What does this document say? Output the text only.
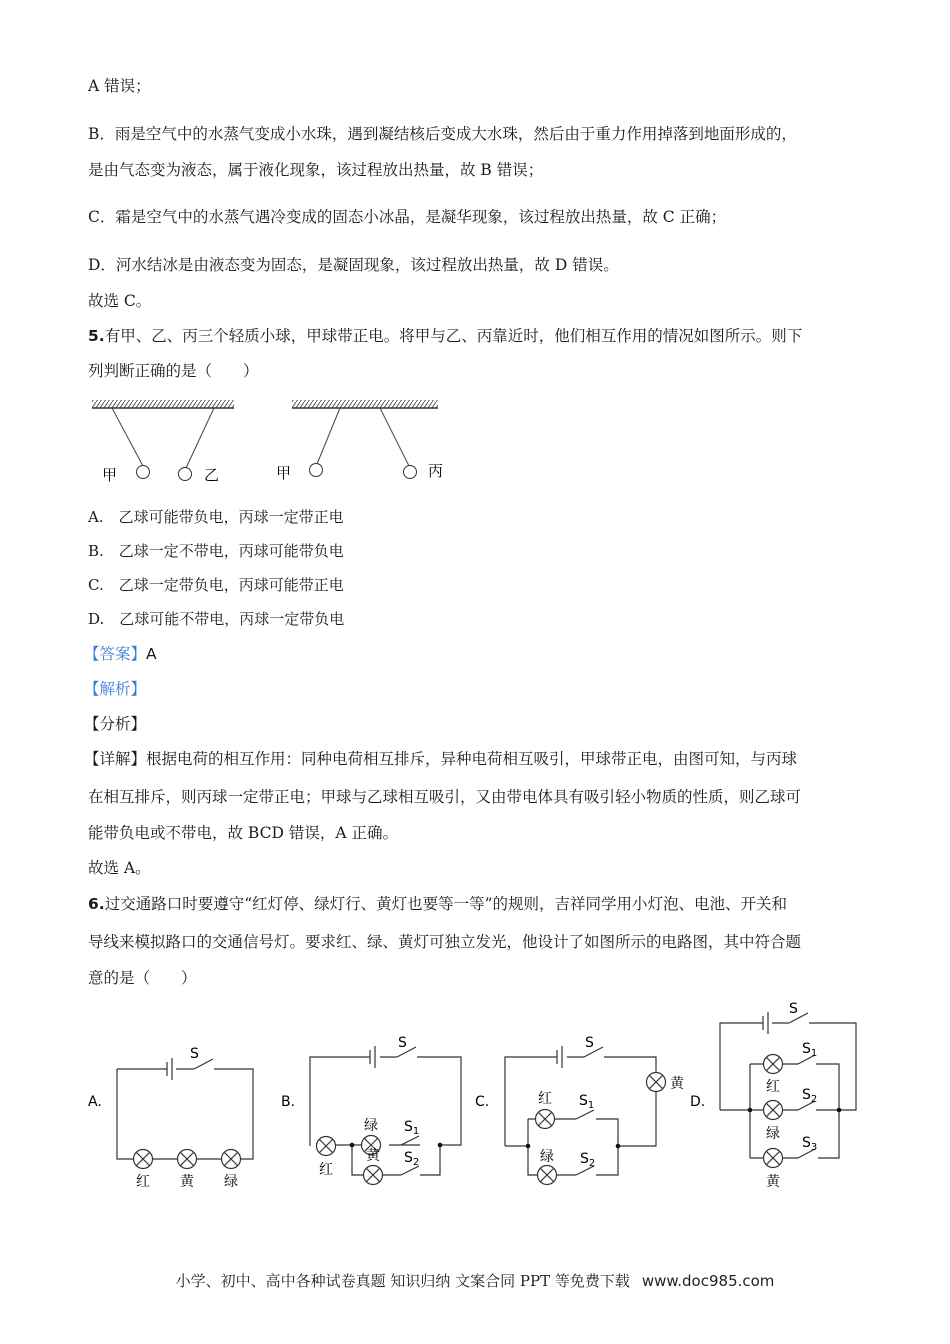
A 错误；
B．雨是空气中的水蒸气变成小水珠，遇到凝结核后变成大水珠，然后由于重力作用掉落到地面形成的，
是由气态变为液态，属于液化现象，该过程放出热量，故 B 错误；
C．霜是空气中的水蒸气遇冷变成的固态小冰晶，是凝华现象，该过程放出热量，故 C 正确；
D．河水结冰是由液态变为固态，是凝固现象，该过程放出热量，故 D 错误。
故选 C。
5.有甲、乙、丙三个轻质小球，甲球带正电。将甲与乙、丙靠近时，他们相互作用的情况如图所示。则下
列判断正确的是（　　）
甲	乙	甲	丙
A.　乙球可能带负电，丙球一定带正电
B.　乙球一定不带电，丙球可能带负电
C.　乙球一定带负电，丙球可能带正电
D.　乙球可能不带电，丙球一定带负电
【答案】A
【解析】
【分析】
【详解】根据电荷的相互作用：同种电荷相互排斥，异种电荷相互吸引，甲球带正电，由图可知，与丙球
在相互排斥，则丙球一定带正电；甲球与乙球相互吸引，又由带电体具有吸引轻小物质的性质，则乙球可
能带负电或不带电，故 BCD 错误，A 正确。
故选 A。
6.过交通路口时要遵守“红灯停、绿灯行、黄灯也要等一等”的规则，吉祥同学用小灯泡、电池、开关和
导线来模拟路口的交通信号灯。要求红、绿、黄灯可独立发光，他设计了如图所示的电路图，其中符合题
意的是（　　）
A.	B.	C.	D.
S
红 黄 绿
S
绿 $S_1$
黄 $S_2$
红
S
红 $S_1$
黄
绿 $S_2$
S
$S_1$
红 $S_2$
绿
$S_3$
黄
小学、初中、高中各种试卷真题 知识归纳 文案合同 PPT 等免费下载 www.doc985.com
